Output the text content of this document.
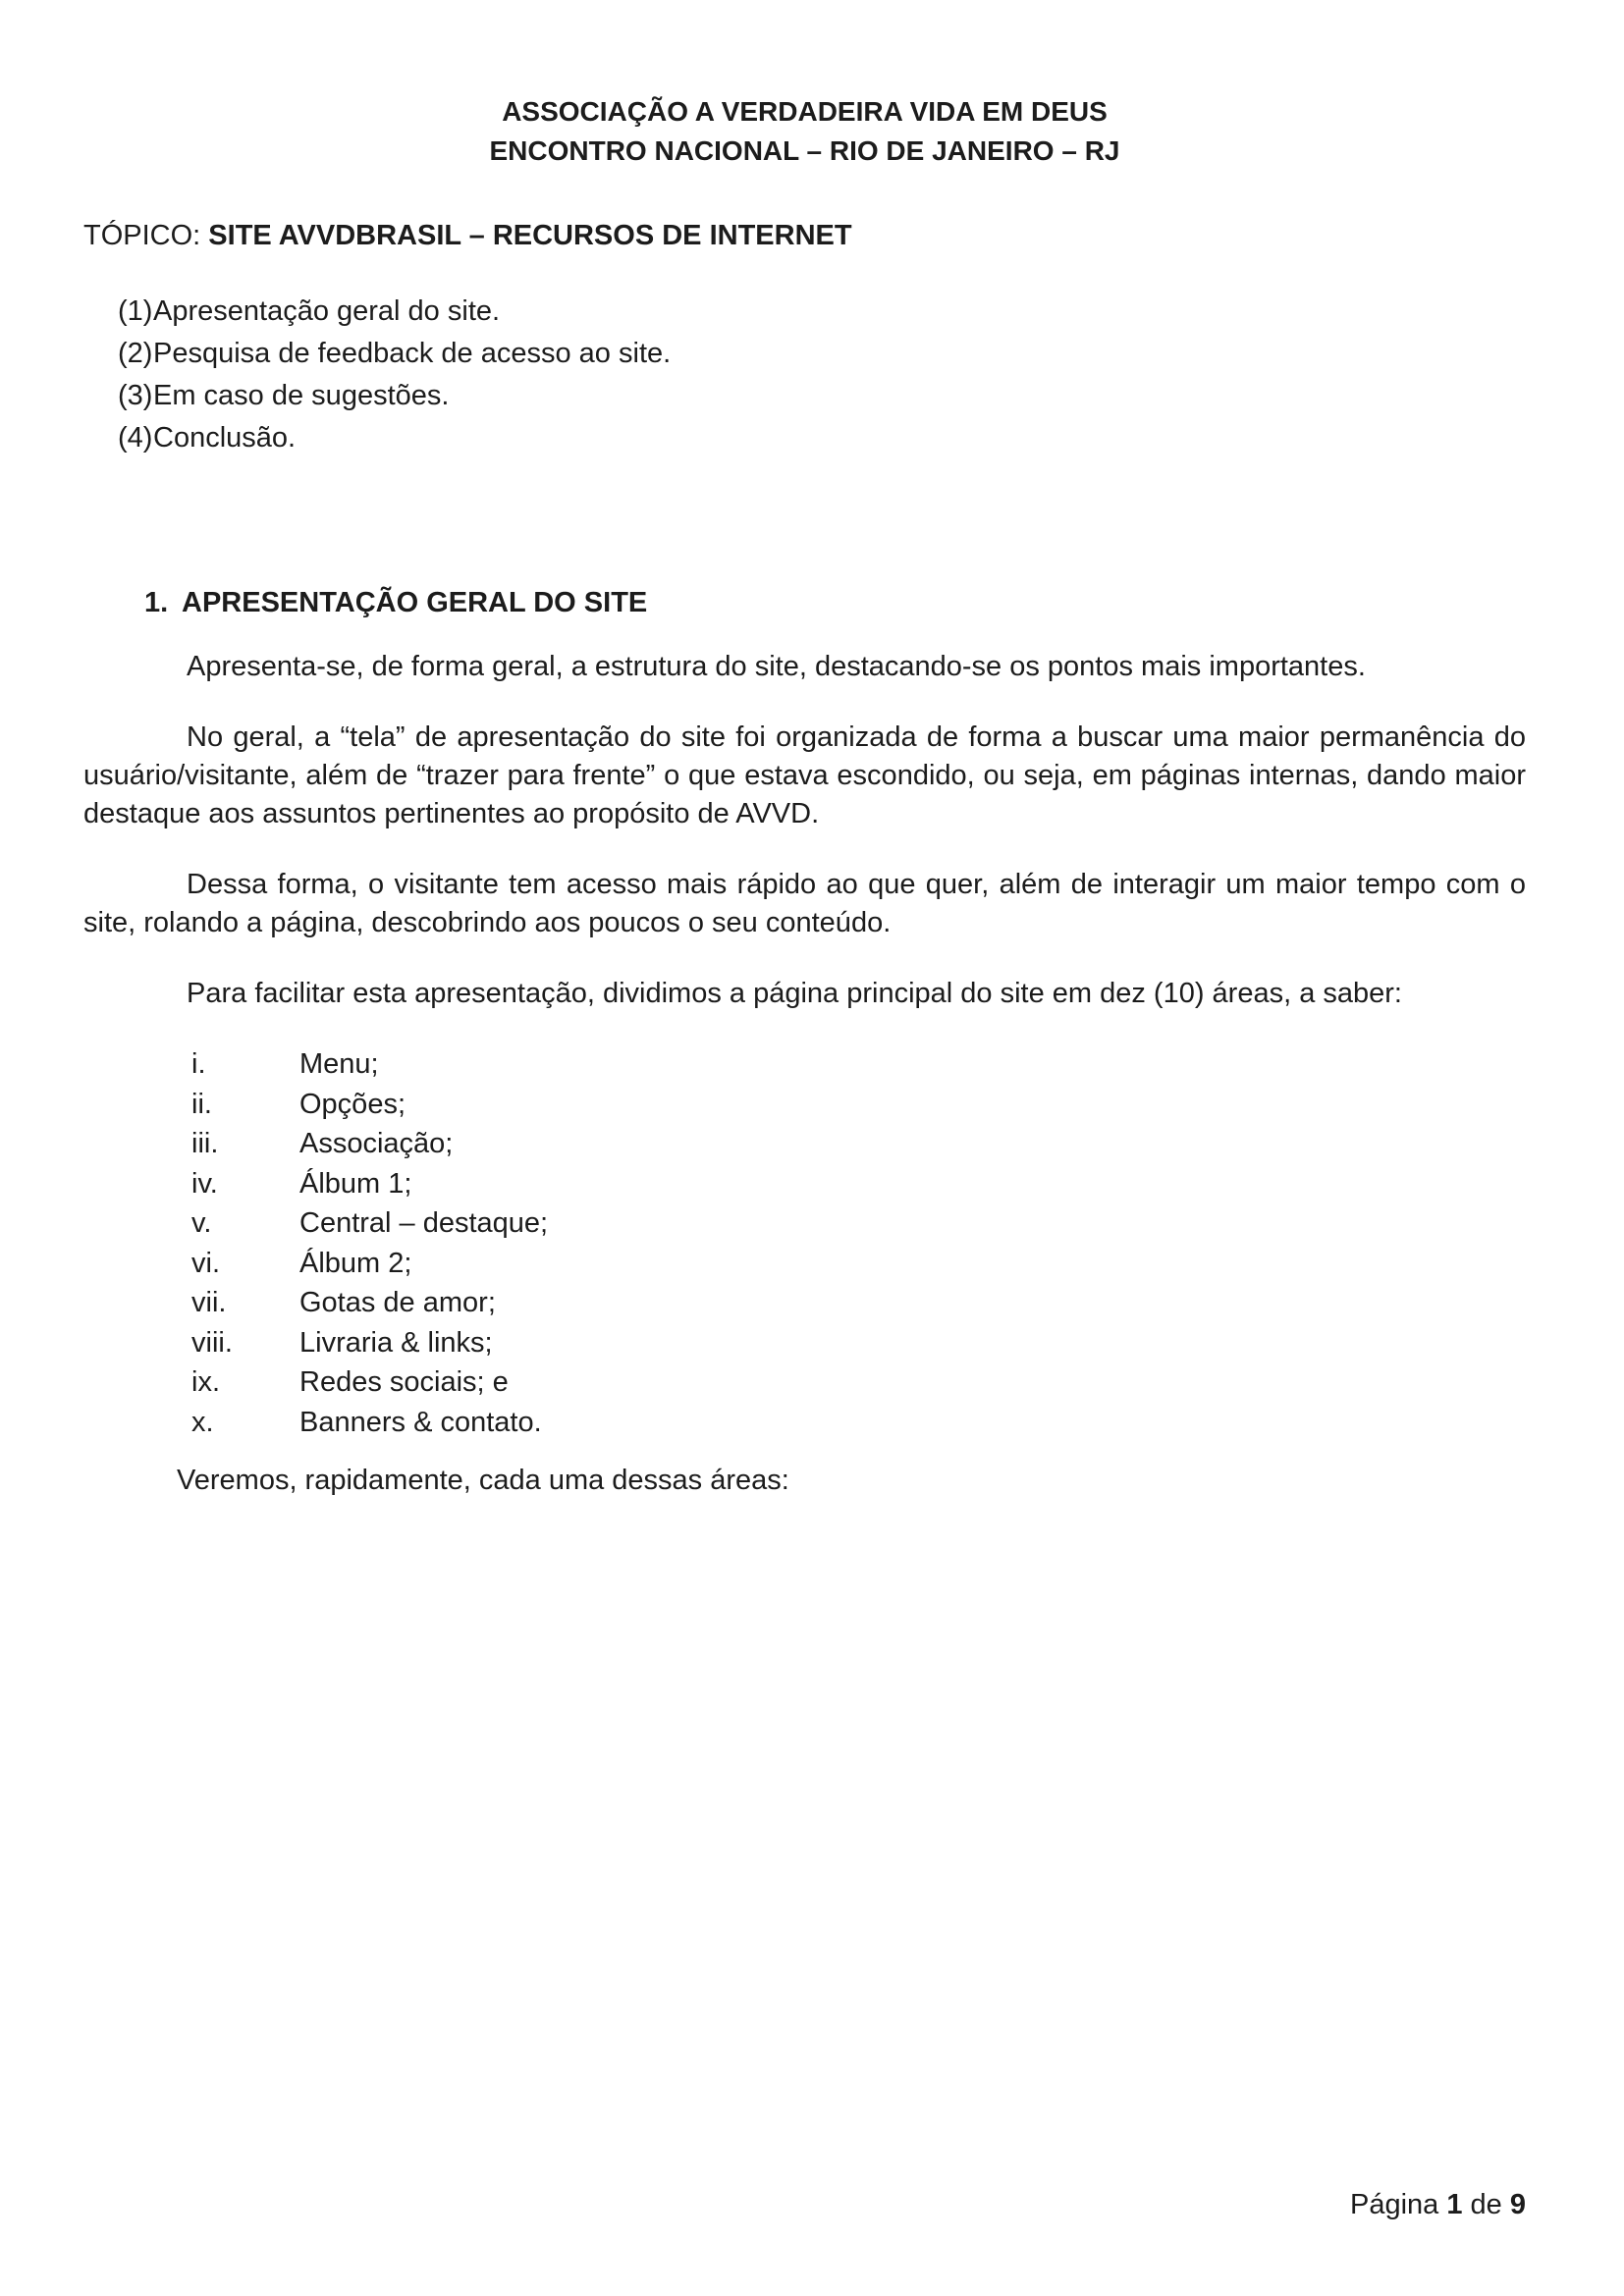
ASSOCIAÇÃO A VERDADEIRA VIDA EM DEUS
ENCONTRO NACIONAL – RIO DE JANEIRO – RJ
TÓPICO: SITE AVVDBRASIL – RECURSOS DE INTERNET
(1) Apresentação geral do site.
(2) Pesquisa de feedback de acesso ao site.
(3) Em caso de sugestões.
(4) Conclusão.
1. APRESENTAÇÃO GERAL DO SITE

Apresenta-se, de forma geral, a estrutura do site, destacando-se os pontos mais importantes.

No geral, a “tela” de apresentação do site foi organizada de forma a buscar uma maior permanência do usuário/visitante, além de “trazer para frente” o que estava escondido, ou seja, em páginas internas, dando maior destaque aos assuntos pertinentes ao propósito de AVVD.

Dessa forma, o visitante tem acesso mais rápido ao que quer, além de interagir um maior tempo com o site, rolando a página, descobrindo aos poucos o seu conteúdo.

Para facilitar esta apresentação, dividimos a página principal do site em dez (10) áreas, a saber:

i.	Menu;
ii.	Opções;
iii.	Associação;
iv.	Álbum 1;
v.	Central – destaque;
vi.	Álbum 2;
vii.	Gotas de amor;
viii.	Livraria & links;
ix.	Redes sociais; e
x.	Banners & contato.

Veremos, rapidamente, cada uma dessas áreas:

Página 1 de 9
